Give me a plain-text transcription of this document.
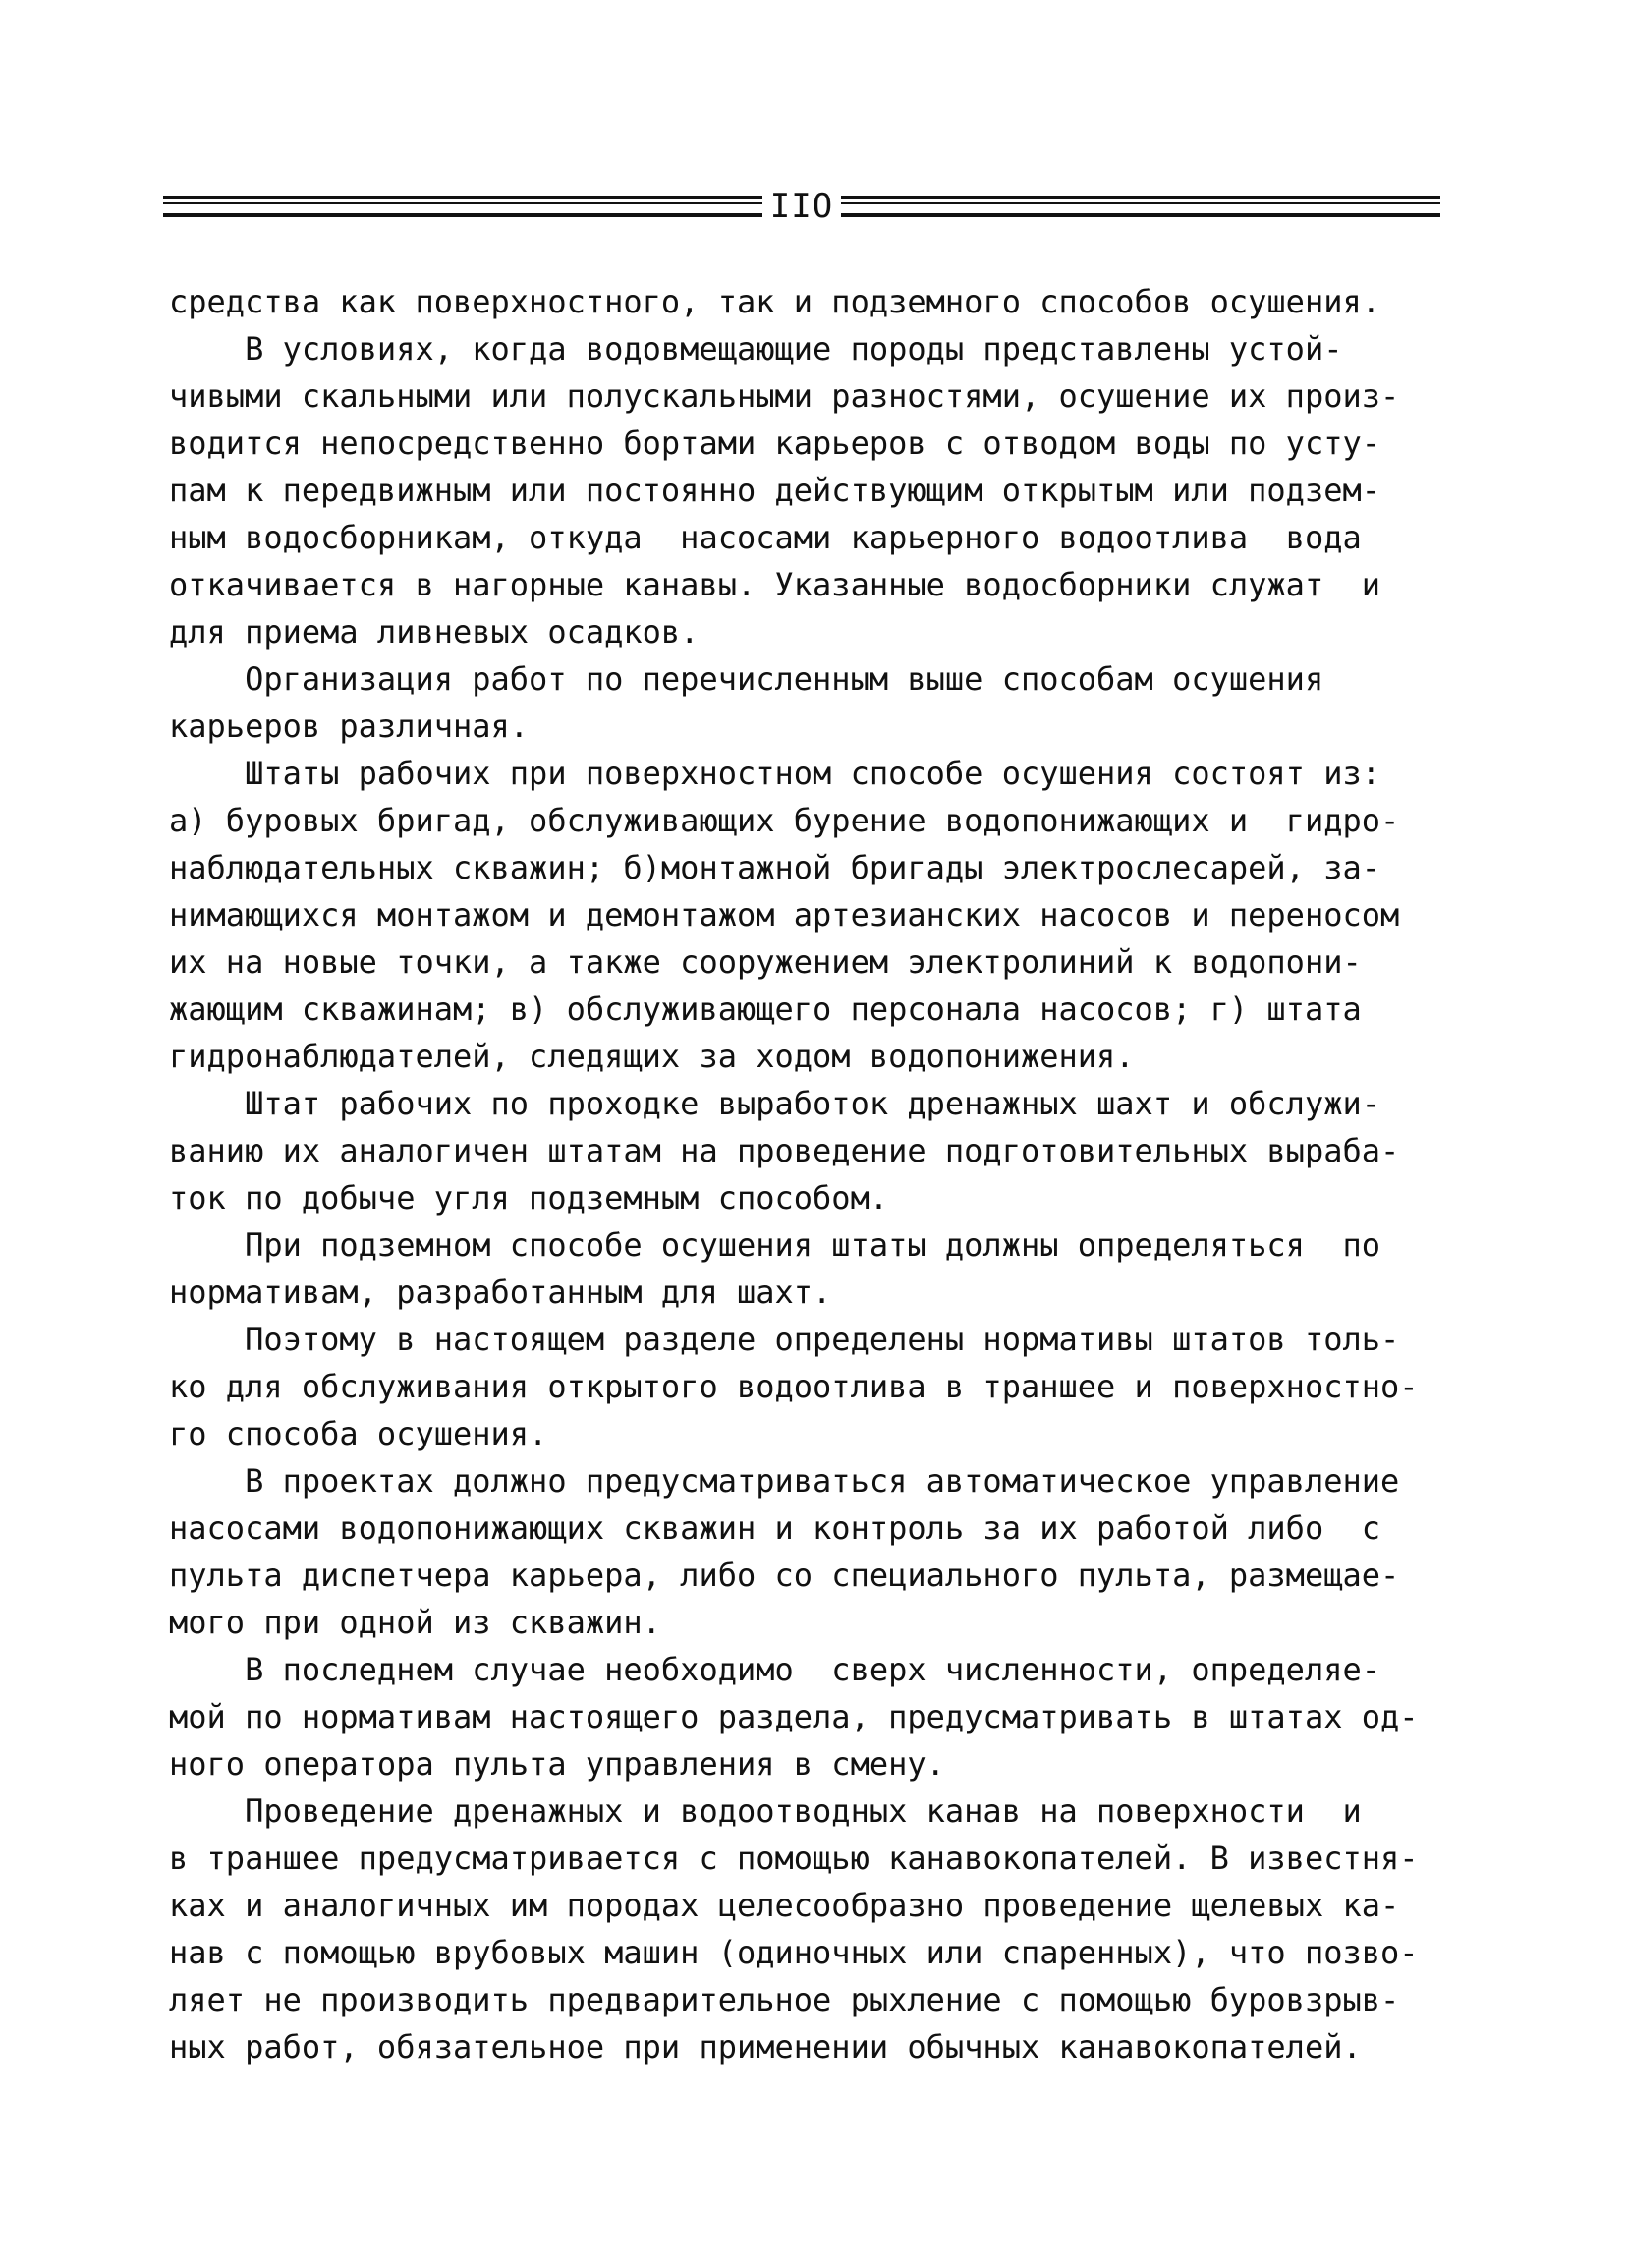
IIO
средства как поверхностного, так и подземного способов осушения.
В условиях, когда водовмещающие породы представлены устой-
чивыми скальными или полускальными разностями, осушение их произ-
водится непосредственно бортами карьеров с отводом воды по усту-
пам к передвижным или постоянно действующим открытым или подзем-
ным водосборникам, откуда  насосами карьерного водоотлива  вода
откачивается в нагорные канавы. Указанные водосборники служат  и
для приема ливневых осадков.
Организация работ по перечисленным выше способам осушения
карьеров различная.
Штаты рабочих при поверхностном способе осушения состоят из:
а) буровых бригад, обслуживающих бурение водопонижающих и  гидро-
наблюдательных скважин; б)монтажной бригады электрослесарей, за-
нимающихся монтажом и демонтажом артезианских насосов и переносом
их на новые точки, а также сооружением электролиний к водопони-
жающим скважинам; в) обслуживающего персонала насосов; г) штата
гидронаблюдателей, следящих за ходом водопонижения.
Штат рабочих по проходке выработок дренажных шахт и обслужи-
ванию их аналогичен штатам на проведение подготовительных выраба-
ток по добыче угля подземным способом.
При подземном способе осушения штаты должны определяться  по
нормативам, разработанным для шахт.
Поэтому в настоящем разделе определены нормативы штатов толь-
ко для обслуживания открытого водоотлива в траншее и поверхностно-
го способа осушения.
В проектах должно предусматриваться автоматическое управление
насосами водопонижающих скважин и контроль за их работой либо  с
пульта диспетчера карьера, либо со специального пульта, размещае-
мого при одной из скважин.
В последнем случае необходимо  сверх численности, определяе-
мой по нормативам настоящего раздела, предусматривать в штатах од-
ного оператора пульта управления в смену.
Проведение дренажных и водоотводных канав на поверхности  и
в траншее предусматривается с помощью канавокопателей. В известня-
ках и аналогичных им породах целесообразно проведение щелевых ка-
нав с помощью врубовых машин (одиночных или спаренных), что позво-
ляет не производить предварительное рыхление с помощью буровзрыв-
ных работ, обязательное при применении обычных канавокопателей.
